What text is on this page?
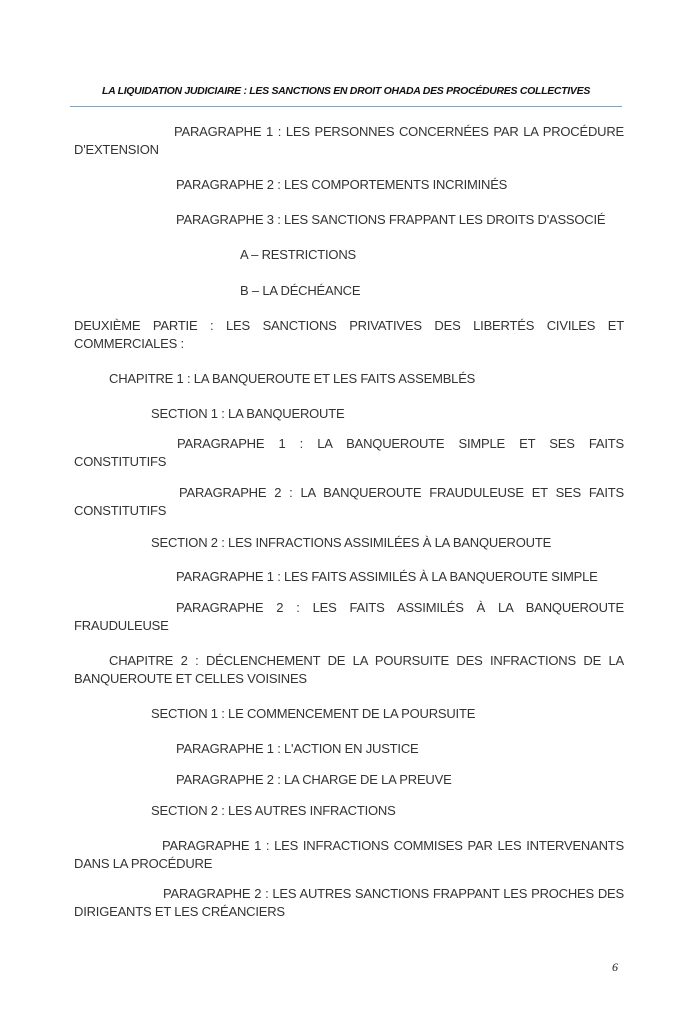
LA LIQUIDATION JUDICIAIRE : LES SANCTIONS EN DROIT OHADA DES PROCÉDURES COLLECTIVES
PARAGRAPHE 1 : LES PERSONNES CONCERNÉES PAR LA PROCÉDURE D'EXTENSION
PARAGRAPHE 2 : LES COMPORTEMENTS INCRIMINÉS
PARAGRAPHE 3 : LES SANCTIONS FRAPPANT LES DROITS D'ASSOCIÉ
A – RESTRICTIONS
B – LA DÉCHÉANCE
DEUXIÈME PARTIE : LES SANCTIONS PRIVATIVES DES LIBERTÉS CIVILES ET COMMERCIALES :
CHAPITRE 1 : LA BANQUEROUTE ET LES FAITS ASSEMBLÉS
SECTION 1 : LA BANQUEROUTE
PARAGRAPHE 1 : LA BANQUEROUTE SIMPLE ET SES FAITS CONSTITUTIFS
PARAGRAPHE 2 : LA BANQUEROUTE FRAUDULEUSE ET SES FAITS CONSTITUTIFS
SECTION 2 : LES INFRACTIONS ASSIMILÉES À LA BANQUEROUTE
PARAGRAPHE 1 : LES FAITS ASSIMILÉS À LA BANQUEROUTE SIMPLE
PARAGRAPHE 2 : LES FAITS ASSIMILÉS À LA BANQUEROUTE FRAUDULEUSE
CHAPITRE 2 : DÉCLENCHEMENT DE LA POURSUITE DES INFRACTIONS DE LA BANQUEROUTE ET CELLES VOISINES
SECTION 1 : LE COMMENCEMENT DE LA POURSUITE
PARAGRAPHE 1 : L'ACTION EN JUSTICE
PARAGRAPHE 2 : LA CHARGE DE LA PREUVE
SECTION 2 : LES AUTRES INFRACTIONS
PARAGRAPHE 1 : LES INFRACTIONS COMMISES PAR LES INTERVENANTS DANS LA PROCÉDURE
PARAGRAPHE 2 : LES AUTRES SANCTIONS FRAPPANT LES PROCHES DES DIRIGEANTS ET LES CRÉANCIERS
6
